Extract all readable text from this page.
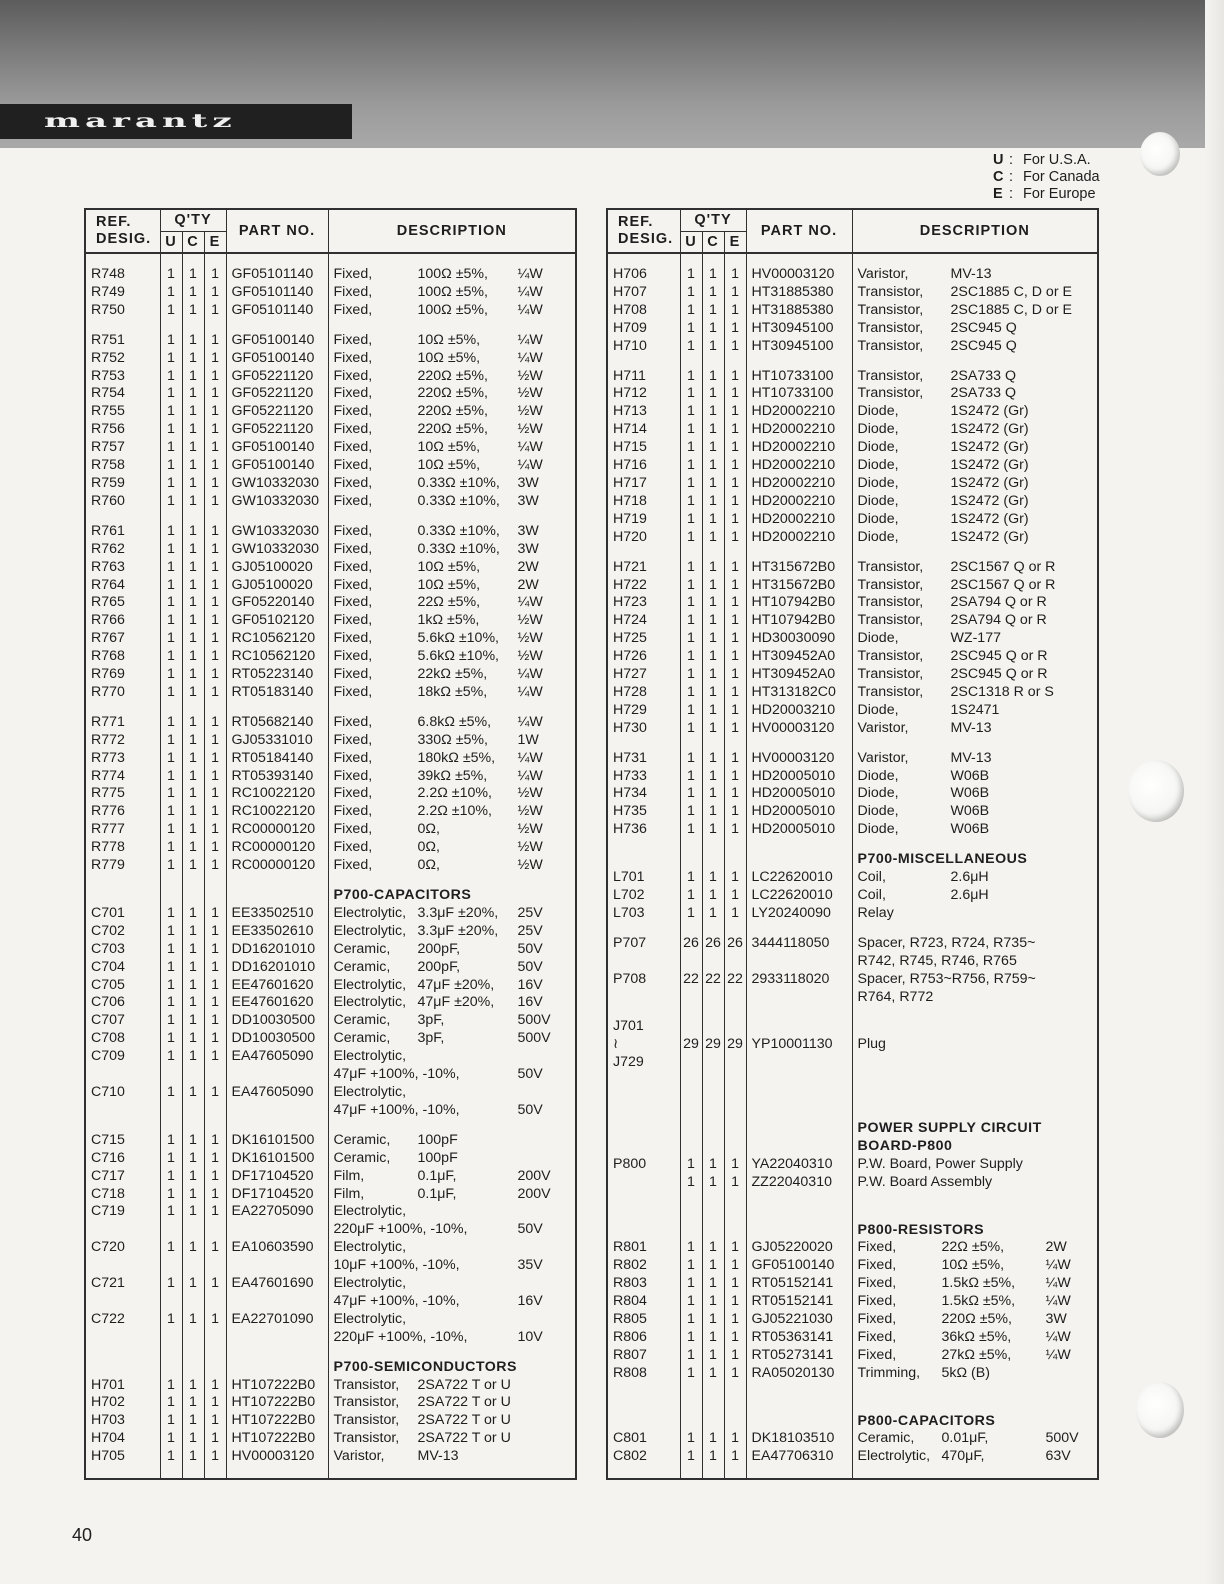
marantz
U : For U.S.A.
C : For Canada
E : For Europe
REF.
DESIG.	Q'TY			PART NO.	DESCRIPTION
	U	C	E		

R748	1	1	1	GF05101140	Fixed, 100Ω ±5%, ¼W
R749	1	1	1	GF05101140	Fixed, 100Ω ±5%, ¼W
R750	1	1	1	GF05101140	Fixed, 100Ω ±5%, ¼W

R751	1	1	1	GF05100140	Fixed, 10Ω ±5%, ¼W
R752	1	1	1	GF05100140	Fixed, 10Ω ±5%, ¼W
R753	1	1	1	GF05221120	Fixed, 220Ω ±5%, ½W
R754	1	1	1	GF05221120	Fixed, 220Ω ±5%, ½W
R755	1	1	1	GF05221120	Fixed, 220Ω ±5%, ½W
R756	1	1	1	GF05221120	Fixed, 220Ω ±5%, ½W
R757	1	1	1	GF05100140	Fixed, 10Ω ±5%, ¼W
R758	1	1	1	GF05100140	Fixed, 10Ω ±5%, ¼W
R759	1	1	1	GW10332030	Fixed, 0.33Ω ±10%, 3W
R760	1	1	1	GW10332030	Fixed, 0.33Ω ±10%, 3W

R761	1	1	1	GW10332030	Fixed, 0.33Ω ±10%, 3W
R762	1	1	1	GW10332030	Fixed, 0.33Ω ±10%, 3W
R763	1	1	1	GJ05100020	Fixed, 10Ω ±5%, 2W
R764	1	1	1	GJ05100020	Fixed, 10Ω ±5%, 2W
R765	1	1	1	GF05220140	Fixed, 22Ω ±5%, ¼W
R766	1	1	1	GF05102120	Fixed, 1kΩ ±5%, ½W
R767	1	1	1	RC10562120	Fixed, 5.6kΩ ±10%, ½W
R768	1	1	1	RC10562120	Fixed, 5.6kΩ ±10%, ½W
R769	1	1	1	RT05223140	Fixed, 22kΩ ±5%, ¼W
R770	1	1	1	RT05183140	Fixed, 18kΩ ±5%, ¼W

R771	1	1	1	RT05682140	Fixed, 6.8kΩ ±5%, ¼W
R772	1	1	1	GJ05331010	Fixed, 330Ω ±5%, 1W
R773	1	1	1	RT05184140	Fixed, 180kΩ ±5%, ¼W
R774	1	1	1	RT05393140	Fixed, 39kΩ ±5%, ¼W
R775	1	1	1	RC10022120	Fixed, 2.2Ω ±10%, ½W
R776	1	1	1	RC10022120	Fixed, 2.2Ω ±10%, ½W
R777	1	1	1	RC00000120	Fixed, 0Ω, ½W
R778	1	1	1	RC00000120	Fixed, 0Ω, ½W
R779	1	1	1	RC00000120	Fixed, 0Ω, ½W

					P700-CAPACITORS
C701	1	1	1	EE33502510	Electrolytic, 3.3μF ±20%, 25V
C702	1	1	1	EE33502610	Electrolytic, 3.3μF ±20%, 25V
C703	1	1	1	DD16201010	Ceramic, 200pF, 50V
C704	1	1	1	DD16201010	Ceramic, 200pF, 50V
C705	1	1	1	EE47601620	Electrolytic, 47μF ±20%, 16V
C706	1	1	1	EE47601620	Electrolytic, 47μF ±20%, 16V
C707	1	1	1	DD10030500	Ceramic, 3pF, 500V
C708	1	1	1	DD10030500	Ceramic, 3pF, 500V
C709	1	1	1	EA47605090	Electrolytic,
					47μF +100%, -10%, 50V
C710	1	1	1	EA47605090	Electrolytic,
					47μF +100%, -10%, 50V

C715	1	1	1	DK16101500	Ceramic, 100pF
C716	1	1	1	DK16101500	Ceramic, 100pF
C717	1	1	1	DF17104520	Film, 0.1μF, 200V
C718	1	1	1	DF17104520	Film, 0.1μF, 200V
C719	1	1	1	EA22705090	Electrolytic,
					220μF +100%, -10%, 50V
C720	1	1	1	EA10603590	Electrolytic,
					10μF +100%, -10%, 35V
C721	1	1	1	EA47601690	Electrolytic,
					47μF +100%, -10%, 16V
C722	1	1	1	EA22701090	Electrolytic,
					220μF +100%, -10%, 10V

					P700-SEMICONDUCTORS
H701	1	1	1	HT107222B0	Transistor, 2SA722 T or U
H702	1	1	1	HT107222B0	Transistor, 2SA722 T or U
H703	1	1	1	HT107222B0	Transistor, 2SA722 T or U
H704	1	1	1	HT107222B0	Transistor, 2SA722 T or U
H705	1	1	1	HV00003120	Varistor, MV-13

REF.
DESIG.	Q'TY			PART NO.	DESCRIPTION
	U	C	E		

H706	1	1	1	HV00003120	Varistor, MV-13
H707	1	1	1	HT31885380	Transistor, 2SC1885 C, D or E
H708	1	1	1	HT31885380	Transistor, 2SC1885 C, D or E
H709	1	1	1	HT30945100	Transistor, 2SC945 Q
H710	1	1	1	HT30945100	Transistor, 2SC945 Q

H711	1	1	1	HT10733100	Transistor, 2SA733 Q
H712	1	1	1	HT10733100	Transistor, 2SA733 Q
H713	1	1	1	HD20002210	Diode, 1S2472 (Gr)
H714	1	1	1	HD20002210	Diode, 1S2472 (Gr)
H715	1	1	1	HD20002210	Diode, 1S2472 (Gr)
H716	1	1	1	HD20002210	Diode, 1S2472 (Gr)
H717	1	1	1	HD20002210	Diode, 1S2472 (Gr)
H718	1	1	1	HD20002210	Diode, 1S2472 (Gr)
H719	1	1	1	HD20002210	Diode, 1S2472 (Gr)
H720	1	1	1	HD20002210	Diode, 1S2472 (Gr)

H721	1	1	1	HT315672B0	Transistor, 2SC1567 Q or R
H722	1	1	1	HT315672B0	Transistor, 2SC1567 Q or R
H723	1	1	1	HT107942B0	Transistor, 2SA794 Q or R
H724	1	1	1	HT107942B0	Transistor, 2SA794 Q or R
H725	1	1	1	HD30030090	Diode, WZ-177
H726	1	1	1	HT309452A0	Transistor, 2SC945 Q or R
H727	1	1	1	HT309452A0	Transistor, 2SC945 Q or R
H728	1	1	1	HT313182C0	Transistor, 2SC1318 R or S
H729	1	1	1	HD20003210	Diode, 1S2471
H730	1	1	1	HV00003120	Varistor, MV-13

H731	1	1	1	HV00003120	Varistor, MV-13
H733	1	1	1	HD20005010	Diode, W06B
H734	1	1	1	HD20005010	Diode, W06B
H735	1	1	1	HD20005010	Diode, W06B
H736	1	1	1	HD20005010	Diode, W06B

					P700-MISCELLANEOUS
L701	1	1	1	LC22620010	Coil, 2.6μH
L702	1	1	1	LC22620010	Coil, 2.6μH
L703	1	1	1	LY20240090	Relay

P707	26	26	26	3444118050	Spacer, R723, R724, R735~
					R742, R745, R746, R765
P708	22	22	22	2933118020	Spacer, R753~R756, R759~
					R764, R772

J701					
≀	29	29	29	YP10001130	Plug
J729					

					POWER SUPPLY CIRCUIT
					BOARD-P800
P800	1	1	1	YA22040310	P.W. Board, Power Supply
	1	1	1	ZZ22040310	P.W. Board Assembly

					P800-RESISTORS
R801	1	1	1	GJ05220020	Fixed, 22Ω ±5%, 2W
R802	1	1	1	GF05100140	Fixed, 10Ω ±5%, ¼W
R803	1	1	1	RT05152141	Fixed, 1.5kΩ ±5%, ¼W
R804	1	1	1	RT05152141	Fixed, 1.5kΩ ±5%, ¼W
R805	1	1	1	GJ05221030	Fixed, 220Ω ±5%, 3W
R806	1	1	1	RT05363141	Fixed, 36kΩ ±5%, ¼W
R807	1	1	1	RT05273141	Fixed, 27kΩ ±5%, ¼W
R808	1	1	1	RA05020130	Trimming, 5kΩ (B)

					P800-CAPACITORS
C801	1	1	1	DK18103510	Ceramic, 0.01μF, 500V
C802	1	1	1	EA47706310	Electrolytic, 470μF, 63V

40
